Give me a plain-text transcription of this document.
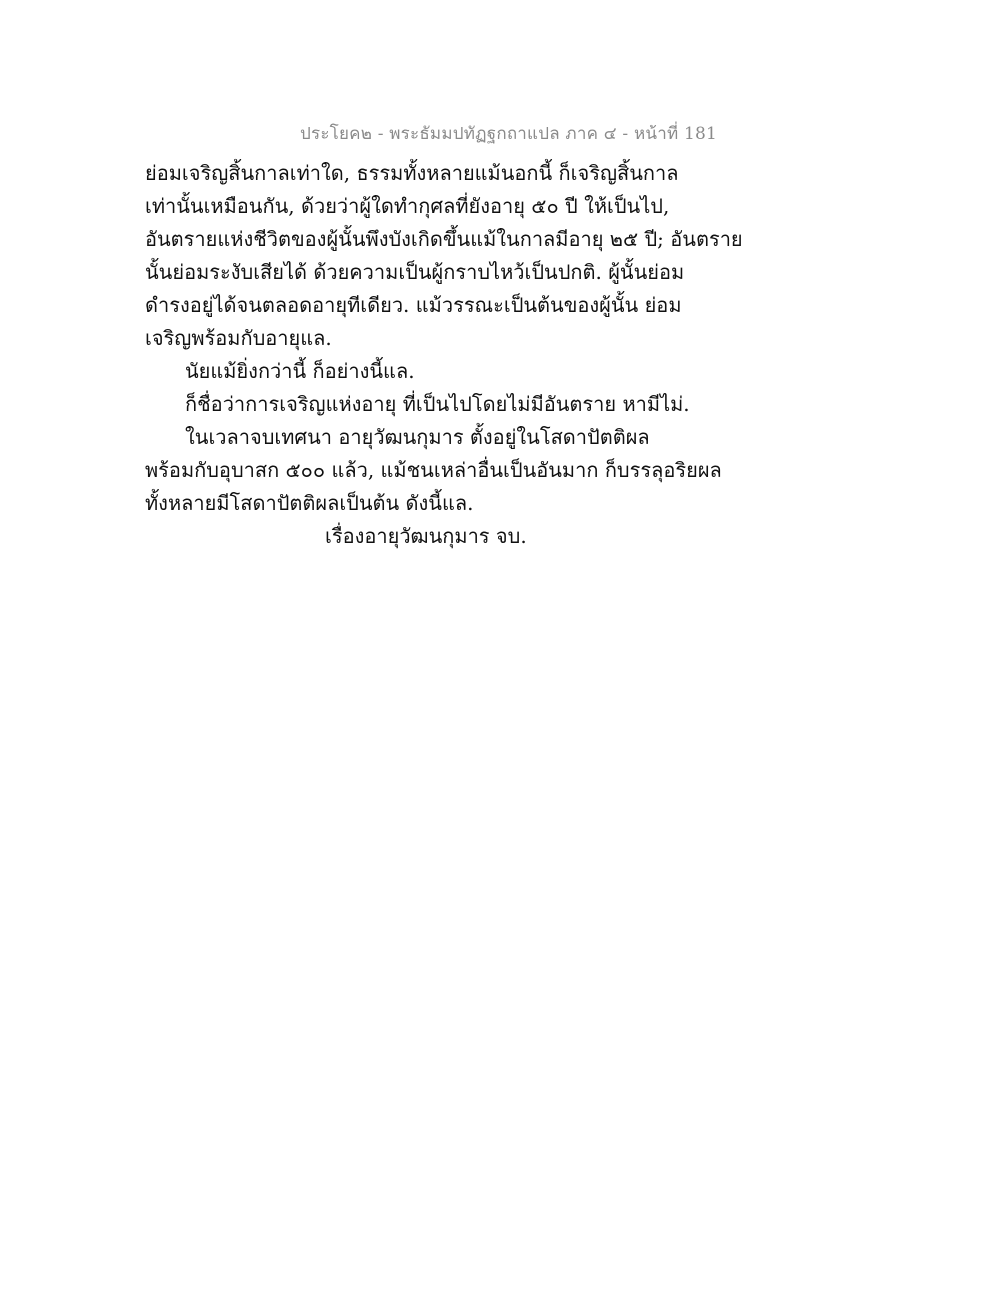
ประโยค๒ - พระธัมมปทัฏฐกถาแปล ภาค ๔ - หน้าที่ 181
ย่อมเจริญสิ้นกาลเท่าใด, ธรรมทั้งหลายแม้นอกนี้ ก็เจริญสิ้นกาล
เท่านั้นเหมือนกัน, ด้วยว่าผู้ใดทำกุศลที่ยังอายุ ๕๐ ปี ให้เป็นไป,
อันตรายแห่งชีวิตของผู้นั้นพึงบังเกิดขึ้นแม้ในกาลมีอายุ ๒๕ ปี; อันตราย
นั้นย่อมระงับเสียได้ ด้วยความเป็นผู้กราบไหว้เป็นปกติ. ผู้นั้นย่อม
ดำรงอยู่ได้จนตลอดอายุทีเดียว. แม้วรรณะเป็นต้นของผู้นั้น ย่อม
เจริญพร้อมกับอายุแล.
นัยแม้ยิ่งกว่านี้ ก็อย่างนี้แล.
ก็ชื่อว่าการเจริญแห่งอายุ ที่เป็นไปโดยไม่มีอันตราย หามีไม่.
ในเวลาจบเทศนา อายุวัฒนกุมาร ตั้งอยู่ในโสดาปัตติผล
พร้อมกับอุบาสก ๕๐๐ แล้ว, แม้ชนเหล่าอื่นเป็นอันมาก ก็บรรลุอริยผล
ทั้งหลายมีโสดาปัตติผลเป็นต้น ดังนี้แล.
เรื่องอายุวัฒนกุมาร จบ.
